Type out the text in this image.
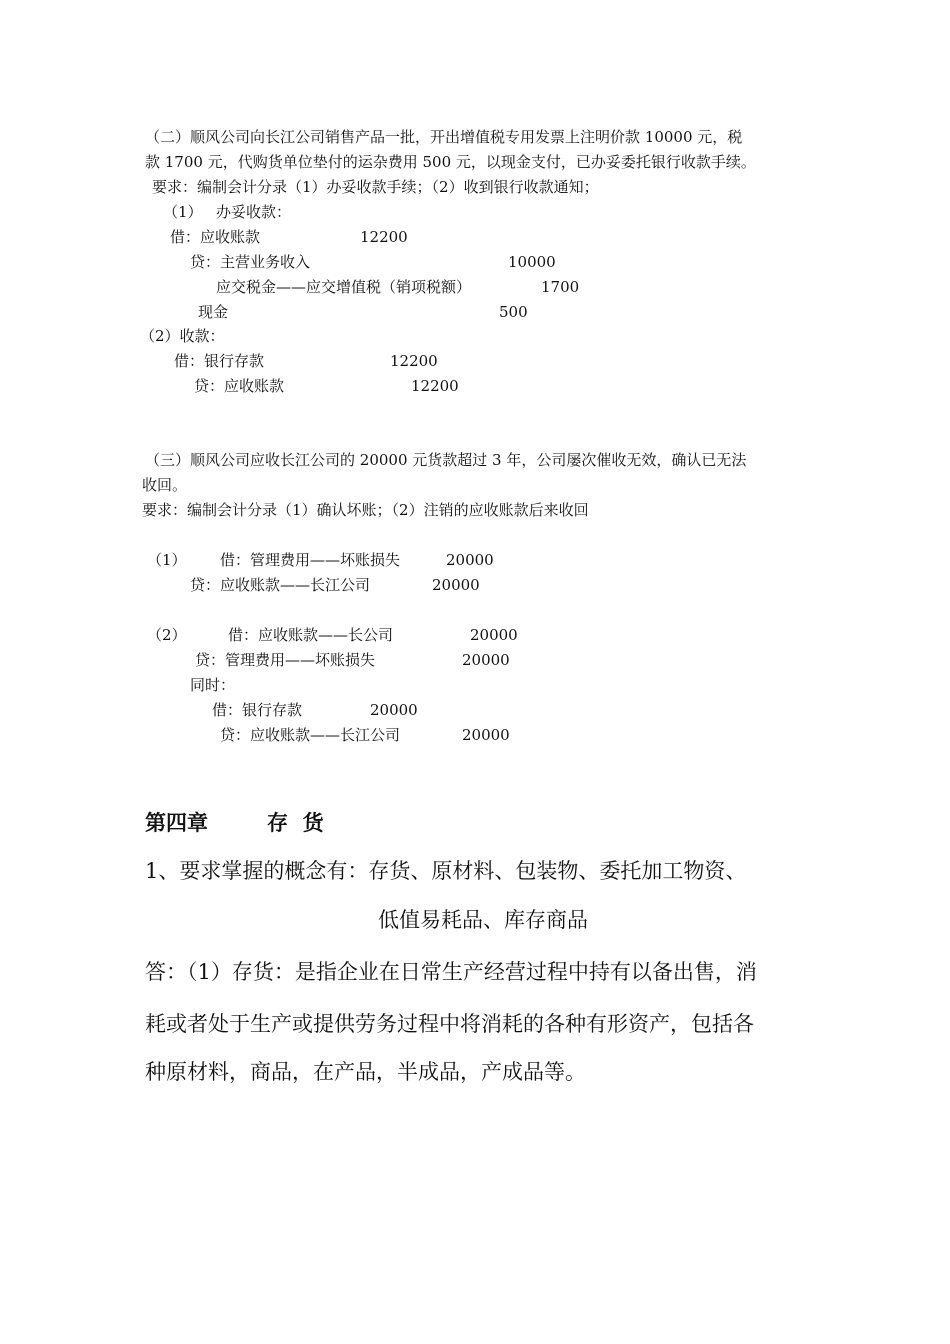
（二）顺风公司向长江公司销售产品一批，开出增值税专用发票上注明价款 10000 元，税
款 1700 元，代购货单位垫付的运杂费用 500 元，以现金支付，已办妥委托银行收款手续。
要求：编制会计分录（1）办妥收款手续；（2）收到银行收款通知；
（1） 办妥收款：
借：应收账款	12200
贷：主营业务收入	10000
应交税金——应交增值税（销项税额）	1700
现金	500
（2）收款：
借：银行存款	12200
贷：应收账款	12200
（三）顺风公司应收长江公司的 20000 元货款超过 3 年，公司屡次催收无效，确认已无法
收回。
要求：编制会计分录（1）确认坏账；（2）注销的应收账款后来收回
（1） 借：管理费用——坏账损失	20000
贷：应收账款——长江公司	20000
（2）	借：应收账款——长公司	20000
贷：管理费用——坏账损失	20000
同时：
借：银行存款	20000
贷：应收账款——长江公司	20000
第四章	存  货
1、要求掌握的概念有：存货、原材料、包装物、委托加工物资、
低值易耗品、库存商品
答：（1）存货：是指企业在日常生产经营过程中持有以备出售，消
耗或者处于生产或提供劳务过程中将消耗的各种有形资产，包括各
种原材料，商品，在产品，半成品，产成品等。
